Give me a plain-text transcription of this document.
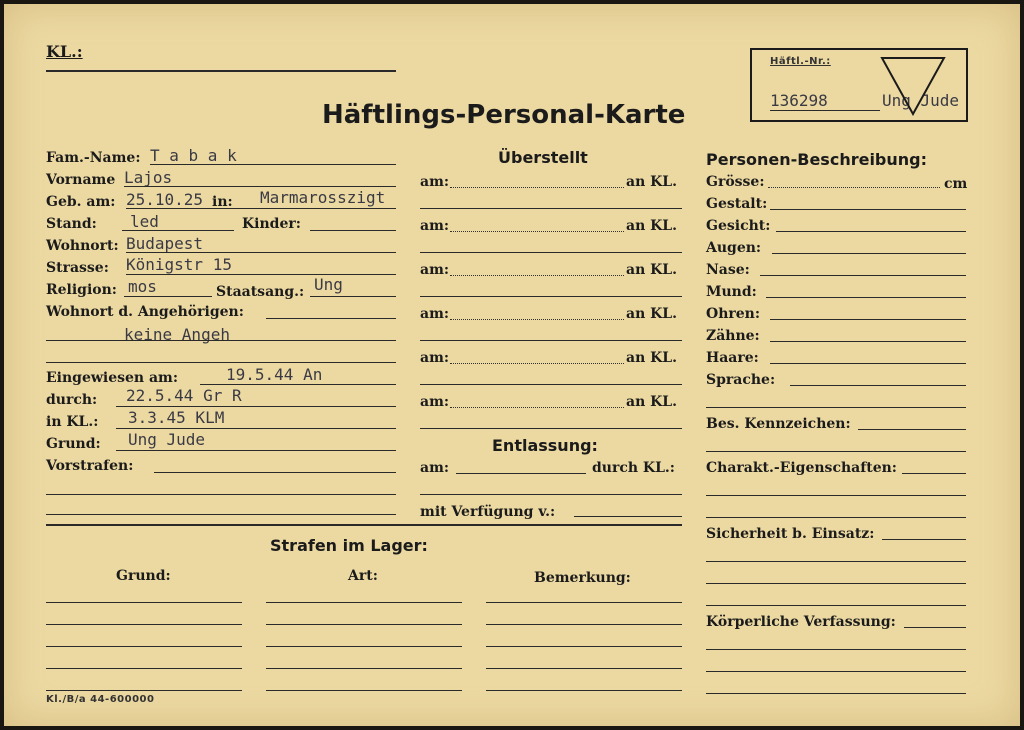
KL.:
Häftl.-Nr.:
136298	Ung Jude
Häftlings-Personal-Karte
Fam.-Name: T a b a k
Vorname Lajos
Geb. am: 25.10.25 in: Marmarosszigt
Stand: led	Kinder:
Wohnort: Budapest
Strasse: Königstr 15
Religion: mos	Staatsang.: Ung
Wohnort d. Angehörigen:
keine Angeh
Eingewiesen am:	19.5.44 An
durch: 22.5.44 Gr R
in KL.: 3.3.45 KLM
Grund: Ung Jude
Vorstrafen:
Überstellt
am:	an KL.
am:	an KL.
am:	an KL.
am:	an KL.
am:	an KL.
am:	an KL.
Entlassung:
am:	durch KL.:
mit Verfügung v.:
Strafen im Lager:
Grund:	Art:	Bemerkung:
Kl./B/a 44-600000
Personen-Beschreibung:
Grösse:	cm
Gestalt:
Gesicht:
Augen:
Nase:
Mund:
Ohren:
Zähne:
Haare:
Sprache:
Bes. Kennzeichen:
Charakt.-Eigenschaften:
Sicherheit b. Einsatz:
Körperliche Verfassung:
